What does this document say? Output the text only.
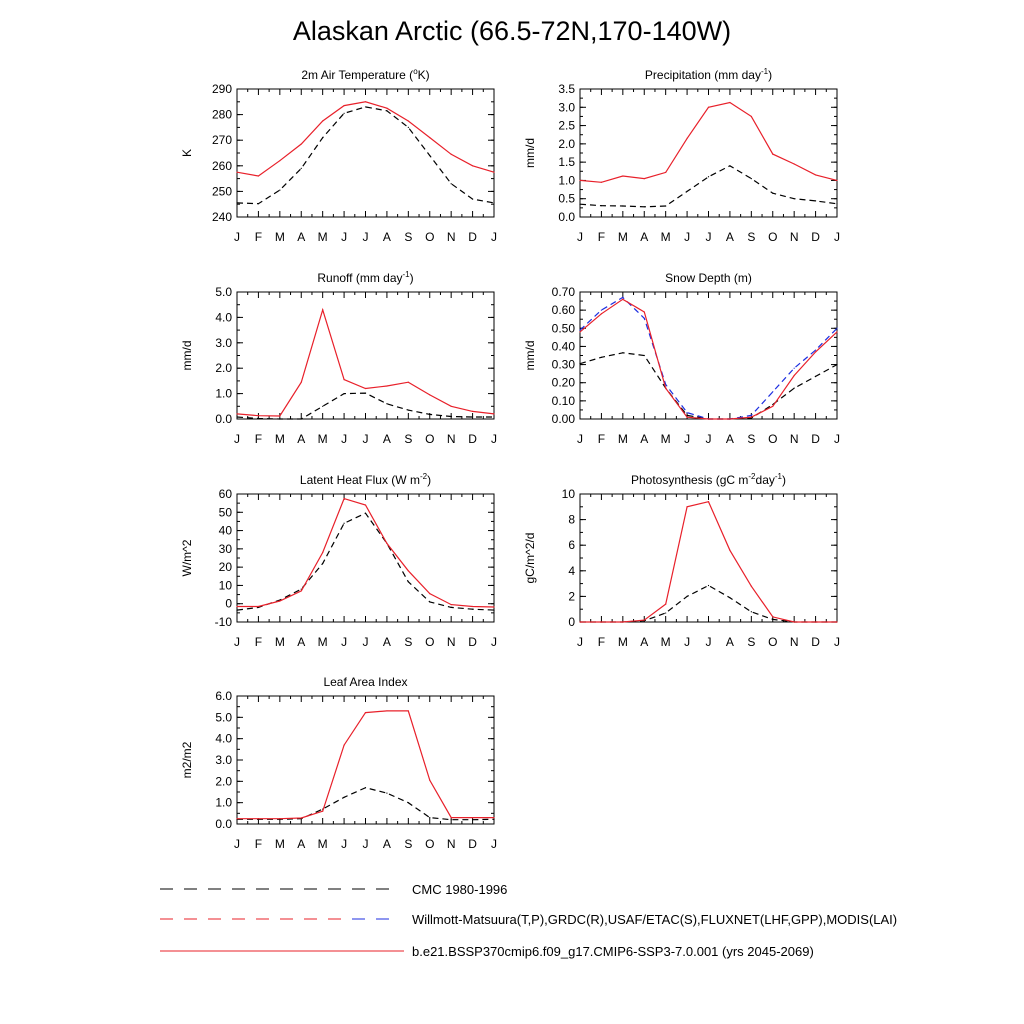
Alaskan Arctic (66.5-72N,170-140W)
J F M A M J J A S O N D J
240
250
260
270
280
290
K
2m Air Temperature ($^o$K)
J F M A M J J A S O N D J
0.0
0.5
1.0
1.5
2.0
2.5
3.0
3.5
mm/d
Precipitation (mm day$^{-1}$)
J F M A M J J A S O N D J
0.0
1.0
2.0
3.0
4.0
5.0
mm/d
Runoff (mm day$^{-1}$)
J F M A M J J A S O N D J
0.00
0.10
0.20
0.30
0.40
0.50
0.60
0.70
mm/d
Snow Depth (m)
J F M A M J J A S O N D J
-10
0
10
20
30
40
50
60
W/m^2
Latent Heat Flux (W $m^{-2}$)
J F M A M J J A S O N D J
0
2
4
6
8
10
gC/m^2/d
Photosynthesis (gC $m^{-2}day^{-1}$)
J F M A M J J A S O N D J
0.0
1.0
2.0
3.0
4.0
5.0
6.0
m2/m2
Leaf Area Index
CMC 1980-1996
Willmott-Matsuura(T,P),GRDC(R),USAF/ETAC(S),FLUXNET(LHF,GPP),MODIS(LAI)
b.e21.BSSP370cmip6.f09_g17.CMIP6-SSP3-7.0.001 (yrs 2045-2069)
